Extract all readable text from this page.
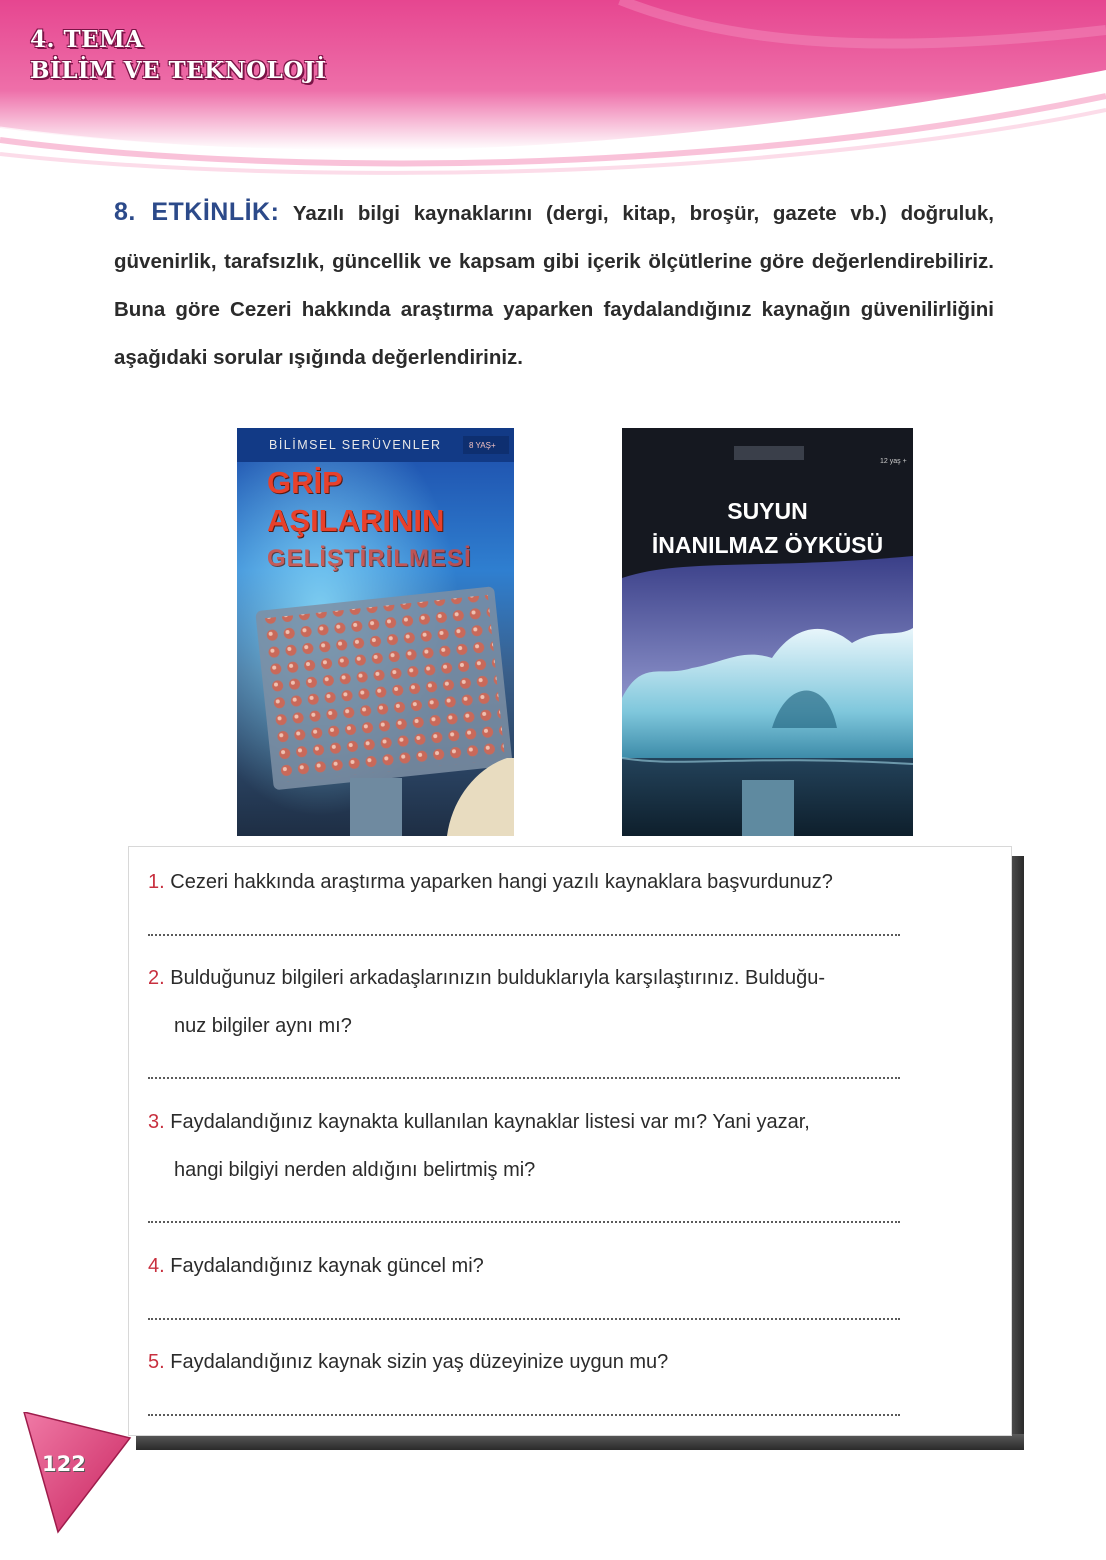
4. TEMA
BİLİM VE TEKNOLOJİ
8. ETKİNLİK: Yazılı bilgi kaynaklarını (dergi, kitap, broşür, gazete vb.) doğruluk, güvenirlik, tarafsızlık, güncellik ve kapsam gibi içerik ölçütlerine göre değerlendirebiliriz. Buna göre Cezeri hakkında araştırma yaparken faydalandığınız kaynağın güvenilirliğini aşağıdaki sorular ışığında değerlendiriniz.
BİLİMSEL SERÜVENLER	8 YAŞ+
GRİP
AŞILARININ
GELİŞTİRİLMESİ
12 yaş +
SUYUN
İNANILMAZ ÖYKÜSÜ
1. Cezeri hakkında araştırma yaparken hangi yazılı kaynaklara başvurdunuz?
2. Bulduğunuz bilgileri arkadaşlarınızın bulduklarıyla karşılaştırınız. Bulduğu-
nuz bilgiler aynı mı?
3. Faydalandığınız kaynakta kullanılan kaynaklar listesi var mı? Yani yazar,
hangi bilgiyi nerden aldığını belirtmiş mi?
4. Faydalandığınız kaynak güncel mi?
5. Faydalandığınız kaynak sizin yaş düzeyinize uygun mu?
122
